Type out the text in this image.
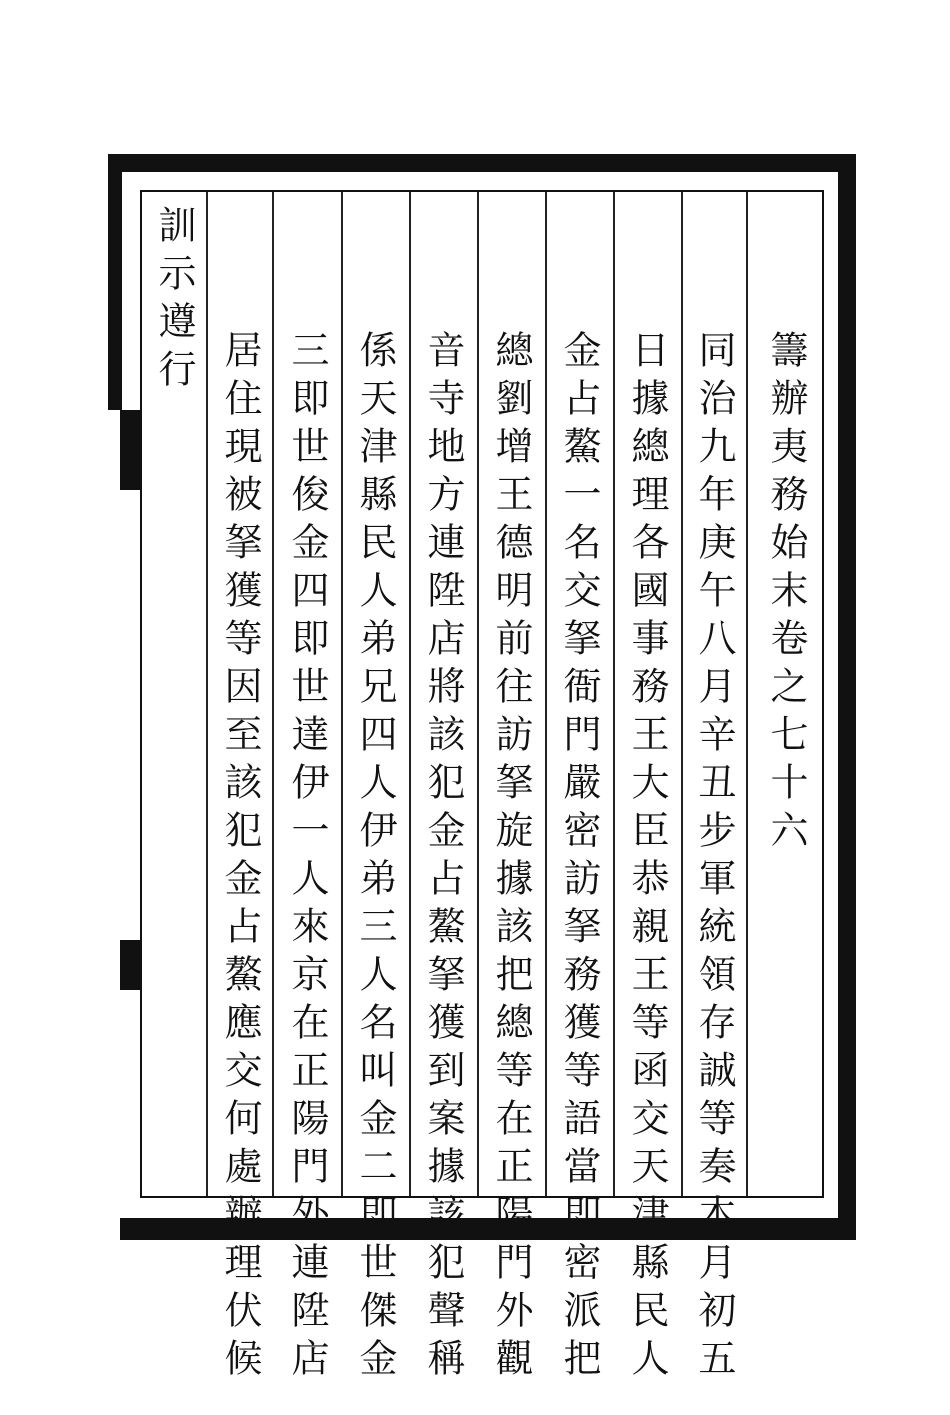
籌辦夷務始末卷之七十六
同治九年庚午八月辛丑步軍統領存誠等奏本月初五
日據總理各國事務王大臣恭親王等函交天津縣民人
金占鰲一名交拏衙門嚴密訪拏務獲等語當即密派把
總劉增王德明前往訪拏旋據該把總等在正陽門外觀
音寺地方連陞店將該犯金占鰲拏獲到案據該犯聲稱
係天津縣民人弟兄四人伊弟三人名叫金二即世傑金
三即世俊金四即世達伊一人來京在正陽門外連陞店
居住現被拏獲等因至該犯金占鰲應交何處辦理伏候
訓示遵行
